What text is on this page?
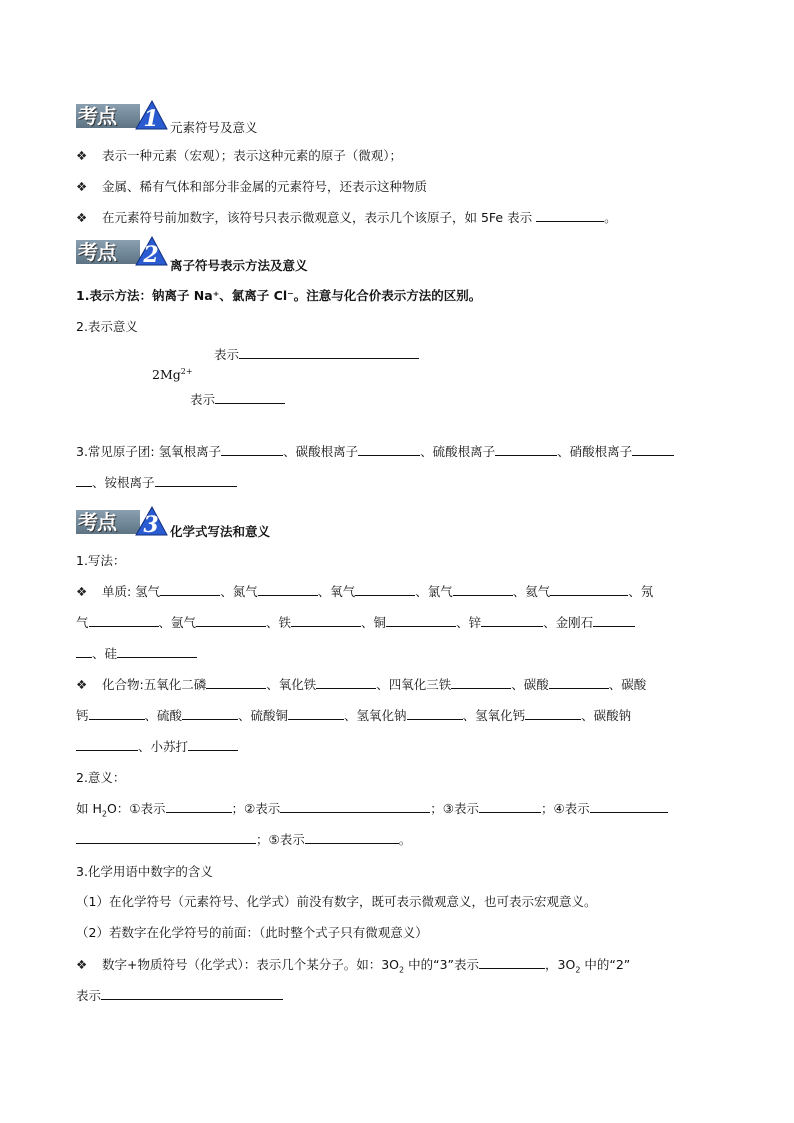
考点	1 元素符号及意义
❖ 表示一种元素（宏观）；表示这种元素的原子（微观）；
❖ 金属、稀有气体和部分非金属的元素符号，还表示这种物质
❖ 在元素符号前加数字，该符号只表示微观意义，表示几个该原子，如 5Fe 表示	。
考点	2 离子符号表示方法及意义
1.表示方法：钠离子 Na⁺、氯离子 Cl⁻。注意与化合价表示方法的区别。
2.表示意义
表示
$2Mg^{2+}$
表示
3.常见原子团: 氢氧根离子	、碳酸根离子	、硫酸根离子	、硝酸根离子
、铵根离子
考点	3 化学式写法和意义
1.写法：
❖ 单质: 氢气	、氮气	、氧气	、氯气	、氦气	、氖
气	、氩气	、铁	、铜	、锌	、金刚石
、硅
❖ 化合物:五氧化二磷	、氧化铁	、四氧化三铁	、碳酸	、碳酸
钙	、硫酸	、硫酸铜	、氢氧化钠	、氢氧化钙	、碳酸钠
、小苏打
2.意义：
如 $H_2O$：①表示	；②表示	；③表示	；④表示
；⑤表示	。
3.化学用语中数字的含义
（1）在化学符号（元素符号、化学式）前没有数字，既可表示微观意义，也可表示宏观意义。
（2）若数字在化学符号的前面：（此时整个式子只有微观意义）
❖ 数字+物质符号（化学式）：表示几个某分子。如：$3O_2$ 中的“3”表示	，$3O_2$ 中的“2”
表示
